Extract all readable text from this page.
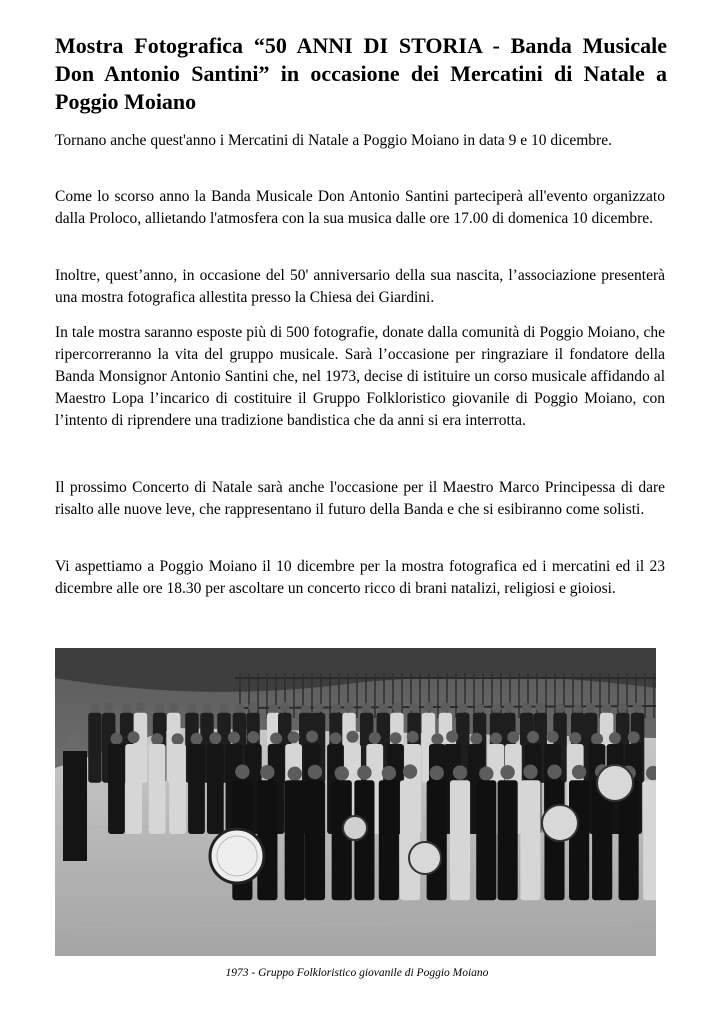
Mostra Fotografica “50 ANNI DI STORIA - Banda Musicale Don Antonio Santini” in occasione dei Mercatini di Natale a Poggio Moiano

Tornano anche quest'anno i Mercatini di Natale a Poggio Moiano in data 9 e 10 dicembre.

Come lo scorso anno la Banda Musicale Don Antonio Santini parteciperà all'evento organizzato dalla Proloco, allietando l'atmosfera con la sua musica dalle ore 17.00 di domenica 10 dicembre.

Inoltre, quest’anno, in occasione del 50' anniversario della sua nascita, l’associazione presenterà una mostra fotografica allestita presso la Chiesa dei Giardini.

In tale mostra saranno esposte più di 500 fotografie, donate dalla comunità di Poggio Moiano, che ripercorreranno la vita del gruppo musicale. Sarà l’occasione per ringraziare il fondatore della Banda Monsignor Antonio Santini che, nel 1973, decise di istituire un corso musicale affidando al Maestro Lopa l’incarico di costituire il Gruppo Folkloristico giovanile di Poggio Moiano, con l’intento di riprendere una tradizione bandistica che da anni si era interrotta.

Il prossimo Concerto di Natale sarà anche l'occasione per il Maestro Marco Principessa di dare risalto alle nuove leve, che rappresentano il futuro della Banda e che si esibiranno come solisti.

Vi aspettiamo a Poggio Moiano il 10 dicembre per la mostra fotografica ed i mercatini ed il 23 dicembre alle ore 18.30 per ascoltare un concerto ricco di brani natalizi, religiosi e gioiosi.

1973 - Gruppo Folkloristico giovanile di Poggio Moiano
